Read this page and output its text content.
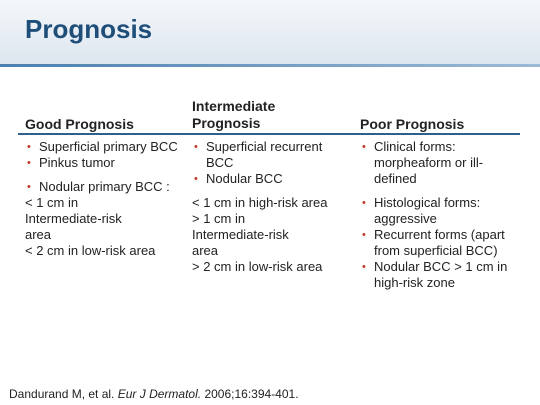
Prognosis
Good Prognosis
Intermediate
Prognosis	Poor Prognosis
• Superficial primary BCC
• Pinkus tumor
• Nodular primary BCC :
< 1 cm in
Intermediate-risk
area
< 2 cm in low-risk area
• Superficial recurrent BCC
• Nodular BCC
< 1 cm in high-risk area
> 1 cm in
Intermediate-risk
area
> 2 cm in low-risk area
• Clinical forms: morpheaform or ill-defined
• Histological forms: aggressive
• Recurrent forms (apart from superficial BCC)
• Nodular BCC > 1 cm in high-risk zone
Dandurand M, et al. Eur J Dermatol. 2006;16:394-401.
